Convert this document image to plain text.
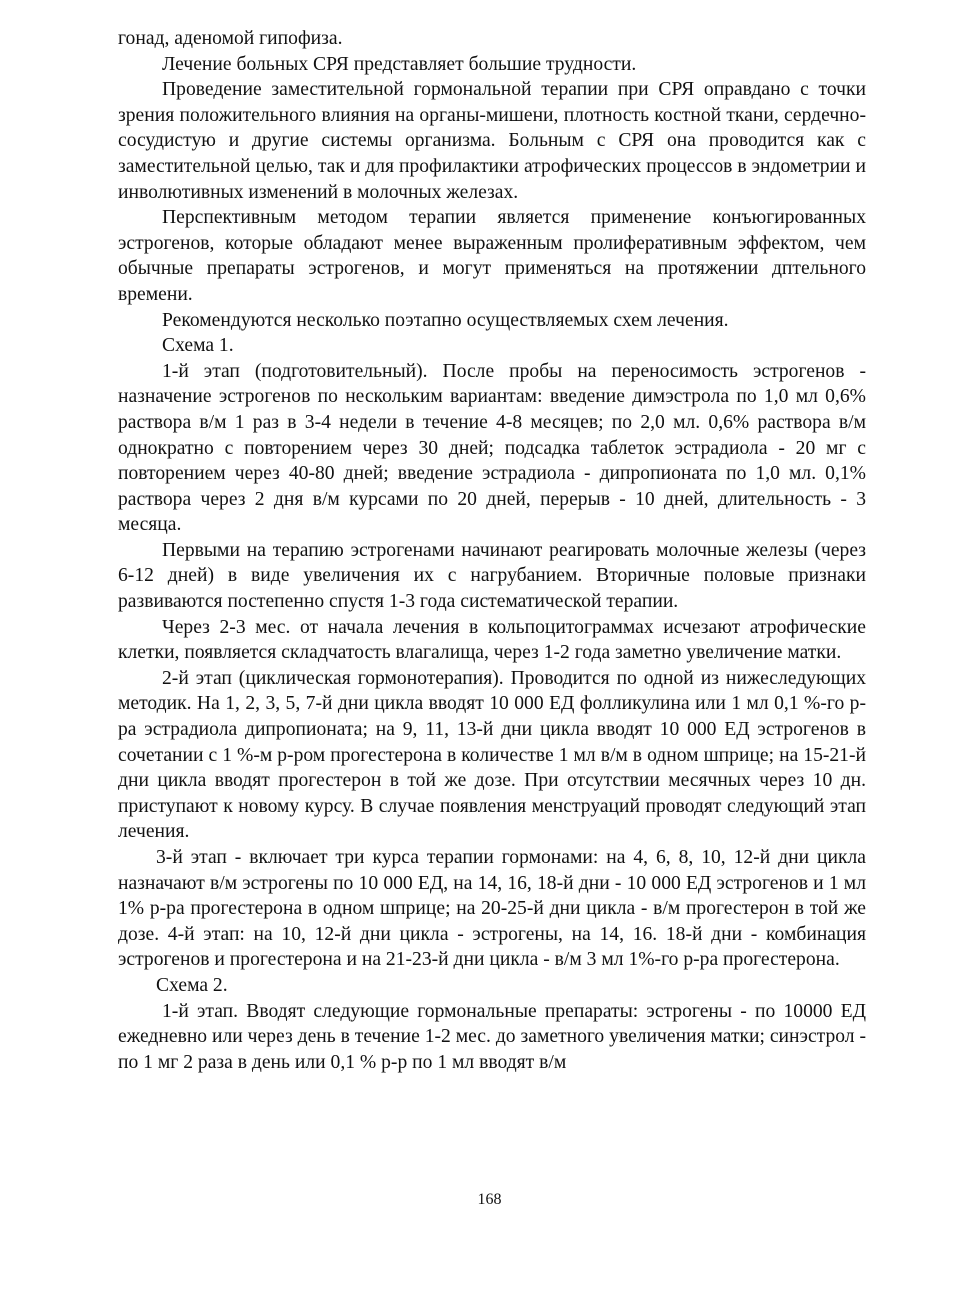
гонад, аденомой гипофиза.

Лечение больных СРЯ представляет большие трудности.

Проведение заместительной гормональной терапии при СРЯ оправдано с точки зрения положительного влияния на органы-мишени, плотность костной ткани, сердечно-сосудистую и другие системы организма. Больным с СРЯ она проводится как с заместительной целью, так и для профилактики атрофических процессов в эндометрии и инволютивных изменений в молочных железах.

Перспективным методом терапии является применение конъюгированных эстрогенов, которые обладают менее выраженным пролиферативным эффектом, чем обычные препараты эстрогенов, и могут применяться на протяжении дптельного времени.

Рекомендуются несколько поэтапно осуществляемых схем лечения.

Схема 1.

1-й этап (подготовительный). После пробы на переносимость эстрогенов - назначение эстрогенов по нескольким вариантам: введение димэстрола по 1,0 мл 0,6% раствора в/м 1 раз в 3-4 недели в течение 4-8 месяцев; по 2,0 мл. 0,6% раствора в/м однократно с повторением через 30 дней; подсадка таблеток эстрадиола - 20 мг с повторением через 40-80 дней; введение эстрадиола - дипропионата по 1,0 мл. 0,1% раствора через 2 дня в/м курсами по 20 дней, перерыв - 10 дней, длительность - 3 месяца.

Первыми на терапию эстрогенами начинают реагировать молочные железы (через 6-12 дней) в виде увеличения их с нагрубанием. Вторичные половые признаки развиваются постепенно спустя 1-3 года систематической терапии.

Через 2-3 мес. от начала лечения в кольпоцитограммах исчезают атрофические клетки, появляется складчатость влагалища, через 1-2 года заметно увеличение матки.

2-й этап (циклическая гормонотерапия). Проводится по одной из нижеследующих методик. На 1, 2, 3, 5, 7-й дни цикла вводят 10 000 ЕД фолликулина или 1 мл 0,1 %-го р-ра эстрадиола дипропионата; на 9, 11, 13-й дни цикла вводят 10 000 ЕД эстрогенов в сочетании с 1 %-м р-ром прогестерона в количестве 1 мл в/м в одном шприце; на 15-21-й дни цикла вводят прогестерон в той же дозе. При отсутствии месячных через 10 дн. приступают к новому курсу. В случае появления менструаций проводят следующий этап лечения.

3-й этап - включает три курса терапии гормонами: на 4, 6, 8, 10, 12-й дни цикла назначают в/м эстрогены по 10 000 ЕД, на 14, 16, 18-й дни - 10 000 ЕД эстрогенов и 1 мл 1% р-ра прогестерона в одном шприце; на 20-25-й дни цикла - в/м прогестерон в той же дозе. 4-й этап: на 10, 12-й дни цикла - эстрогены, на 14, 16. 18-й дни - комбинация эстрогенов и прогестерона и на 21-23-й дни цикла - в/м 3 мл 1%-го р-ра прогестерона.

Схема 2.

1-й этап. Вводят следующие гормональные препараты: эстрогены - по 10000 ЕД ежедневно или через день в течение 1-2 мес. до заметного увеличения матки; синэстрол - по 1 мг 2 раза в день или 0,1 % р-р по 1 мл вводят в/м

168
